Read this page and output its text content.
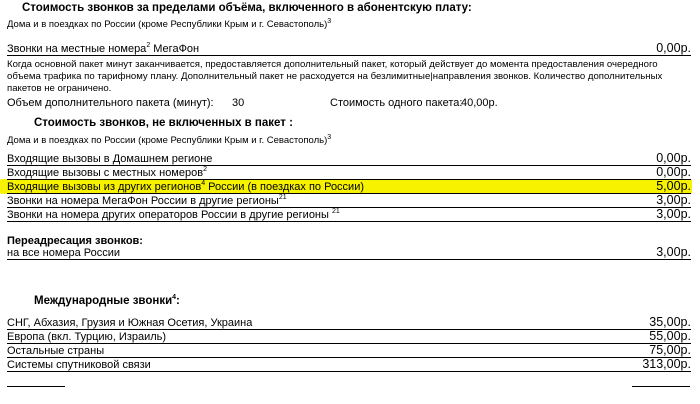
Стоимость звонков за пределами объёма, включенного в абонентскую плату:
Дома и в поездках по России (кроме Республики Крым и г. Севастополь)$^3$
Звонки на местные номера$^2$ МегаФон	0,00р.
Когда основной пакет минут заканчивается, предоставляется дополнительный пакет, который действует до момента предоставления очередного объема трафика по тарифному плану. Дополнительный пакет не расходуется на безлимитные|направления звонков. Количество дополнительных пакетов не ограничено.
Объем дополнительного пакета (минут): 30	Стоимость одного пакета:
40,00р.
Стоимость звонков, не включенных в пакет :
Дома и в поездках по России (кроме Республики Крым и г. Севастополь)$^3$
Входящие вызовы в Домашнем регионе	0,00р.
Входящие вызовы с местных номеров$^2$	0,00р.
Входящие вызовы из других регионов$^4$ России (в поездках по России)	5,00р.
Звонки на номера МегаФон России в другие регионы$^{21}$	3,00р.
Звонки на номера других операторов России в другие регионы $^{21}$	3,00р.
Переадресация звонков:
на все номера России	3,00р.
Международные звонки$^4$:
СНГ, Абхазия, Грузия и Южная Осетия, Украина	35,00р.
Европа (вкл. Турцию, Израиль)	55,00р.
Остальные страны	75,00р.
Системы спутниковой связи	313,00р.
